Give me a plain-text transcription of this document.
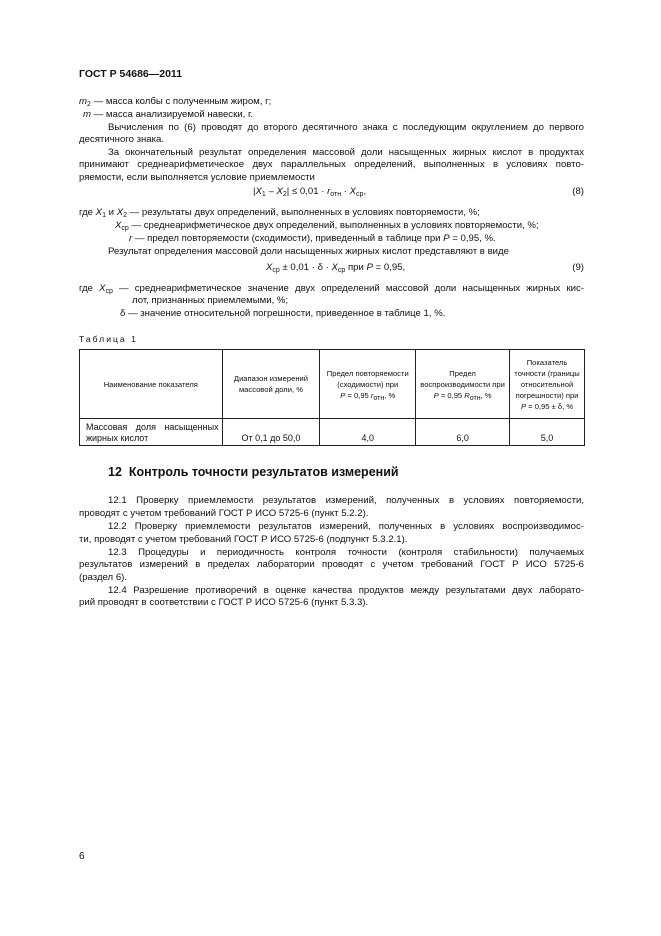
ГОСТ Р 54686—2011
$m_2$ — масса колбы с полученным жиром, г;
m — масса анализируемой навески, г.
Вычисления по (6) проводят до второго десятичного знака с последующим округлением до первого
десятичного знака.
За окончательный результат определения массовой доли насыщенных жирных кислот в продуктах
принимают среднеарифметическое двух параллельных определений, выполненных в условиях повто-
ряемости, если выполняется условие приемлемости
$|X_1 - X_2| \le 0,01 \cdot r_{отн} \cdot X_{ср}$,	(8)
где $X_1$ и $X_2$ — результаты двух определений, выполненных в условиях повторяемости, %;
$X_{ср}$ — среднеарифметическое двух определений, выполненных в условиях повторяемости, %;
r — предел повторяемости (сходимости), приведенный в таблице при P = 0,95, %.
Результат определения массовой доли насыщенных жирных кислот представляют в виде
$X_{ср} \pm 0,01 \cdot \delta \cdot X_{ср}$ при P = 0,95,	(9)
где $X_{ср}$ — среднеарифметическое значение двух определений массовой доли насыщенных жирных кис-
лот, признанных приемлемыми, %;
δ — значение относительной погрешности, приведенное в таблице 1, %.
Таблица 1
Наименование показателя	Диапазон измерений массовой доли, %	Предел повторяемости (сходимости) при
P = 0,95 $r_{отн}$, %	Предел воспроизводимости при P = 0,95 $R_{отн}$, %	Показатель точности (границы относительной погрешности) при
P = 0,95 ± δ, %
Массовая доля насыщенных жирных кислот	От 0,1 до 50,0	4,0	6,0	5,0
12 Контроль точности результатов измерений
12.1 Проверку приемлемости результатов измерений, полученных в условиях повторяемости,
проводят с учетом требований ГОСТ Р ИСО 5725-6 (пункт 5.2.2).
12.2 Проверку приемлемости результатов измерений, полученных в условиях воспроизводимос-
ти, проводят с учетом требований ГОСТ Р ИСО 5725-6 (подпункт 5.3.2.1).
12.3 Процедуры и периодичность контроля точности (контроля стабильности) получаемых
результатов измерений в пределах лаборатории проводят с учетом требований ГОСТ Р ИСО 5725-6
(раздел 6).
12.4 Разрешение противоречий в оценке качества продуктов между результатами двух лаборато-
рий проводят в соответствии с ГОСТ Р ИСО 5725-6 (пункт 5.3.3).
6
